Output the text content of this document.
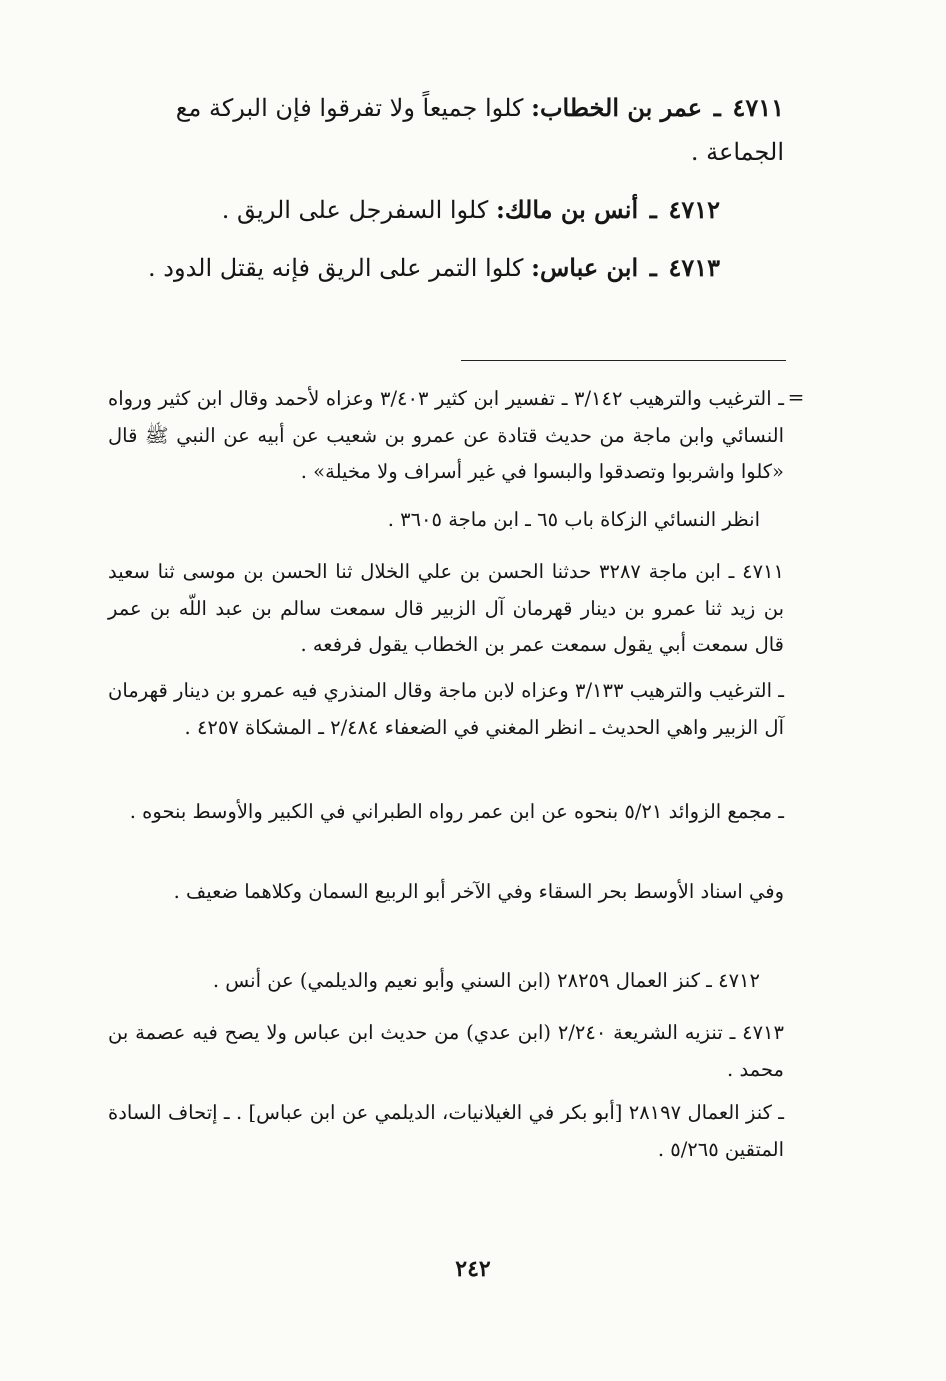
٤٧١١ ـ عمر بن الخطاب: كلوا جميعاً ولا تفرقوا فإن البركة مع الجماعة .
٤٧١٢ ـ أنس بن مالك: كلوا السفرجل على الريق .
٤٧١٣ ـ ابن عباس: كلوا التمر على الريق فإنه يقتل الدود .
=
ـ الترغيب والترهيب ٣/١٤٢ ـ تفسير ابن كثير ٣/٤٠٣ وعزاه لأحمد وقال ابن كثير ورواه النسائي وابن ماجة من حديث قتادة عن عمرو بن شعيب عن أبيه عن النبي ﷺ قال «كلوا واشربوا وتصدقوا والبسوا في غير أسراف ولا مخيلة» .
انظر النسائي الزكاة باب ٦٥ ـ ابن ماجة ٣٦٠٥ .
٤٧١١ ـ ابن ماجة ٣٢٨٧ حدثنا الحسن بن علي الخلال ثنا الحسن بن موسى ثنا سعيد بن زيد ثنا عمرو بن دينار قهرمان آل الزبير قال سمعت سالم بن عبد اللّه بن عمر قال سمعت أبي يقول سمعت عمر بن الخطاب يقول فرفعه .
ـ الترغيب والترهيب ٣/١٣٣ وعزاه لابن ماجة وقال المنذري فيه عمرو بن دينار قهرمان آل الزبير واهي الحديث ـ انظر المغني في الضعفاء ٢/٤٨٤ ـ المشكاة ٤٢٥٧ .
ـ مجمع الزوائد ٥/٢١ بنحوه عن ابن عمر رواه الطبراني في الكبير والأوسط بنحوه .
وفي اسناد الأوسط بحر السقاء وفي الآخر أبو الربيع السمان وكلاهما ضعيف .
٤٧١٢ ـ كنز العمال ٢٨٢٥٩ (ابن السني وأبو نعيم والديلمي) عن أنس .
٤٧١٣ ـ تنزيه الشريعة ٢/٢٤٠ (ابن عدي) من حديث ابن عباس ولا يصح فيه عصمة بن محمد .
ـ كنز العمال ٢٨١٩٧ [أبو بكر في الغيلانيات، الديلمي عن ابن عباس] . ـ إتحاف السادة المتقين ٥/٢٦٥ .
٢٤٢
